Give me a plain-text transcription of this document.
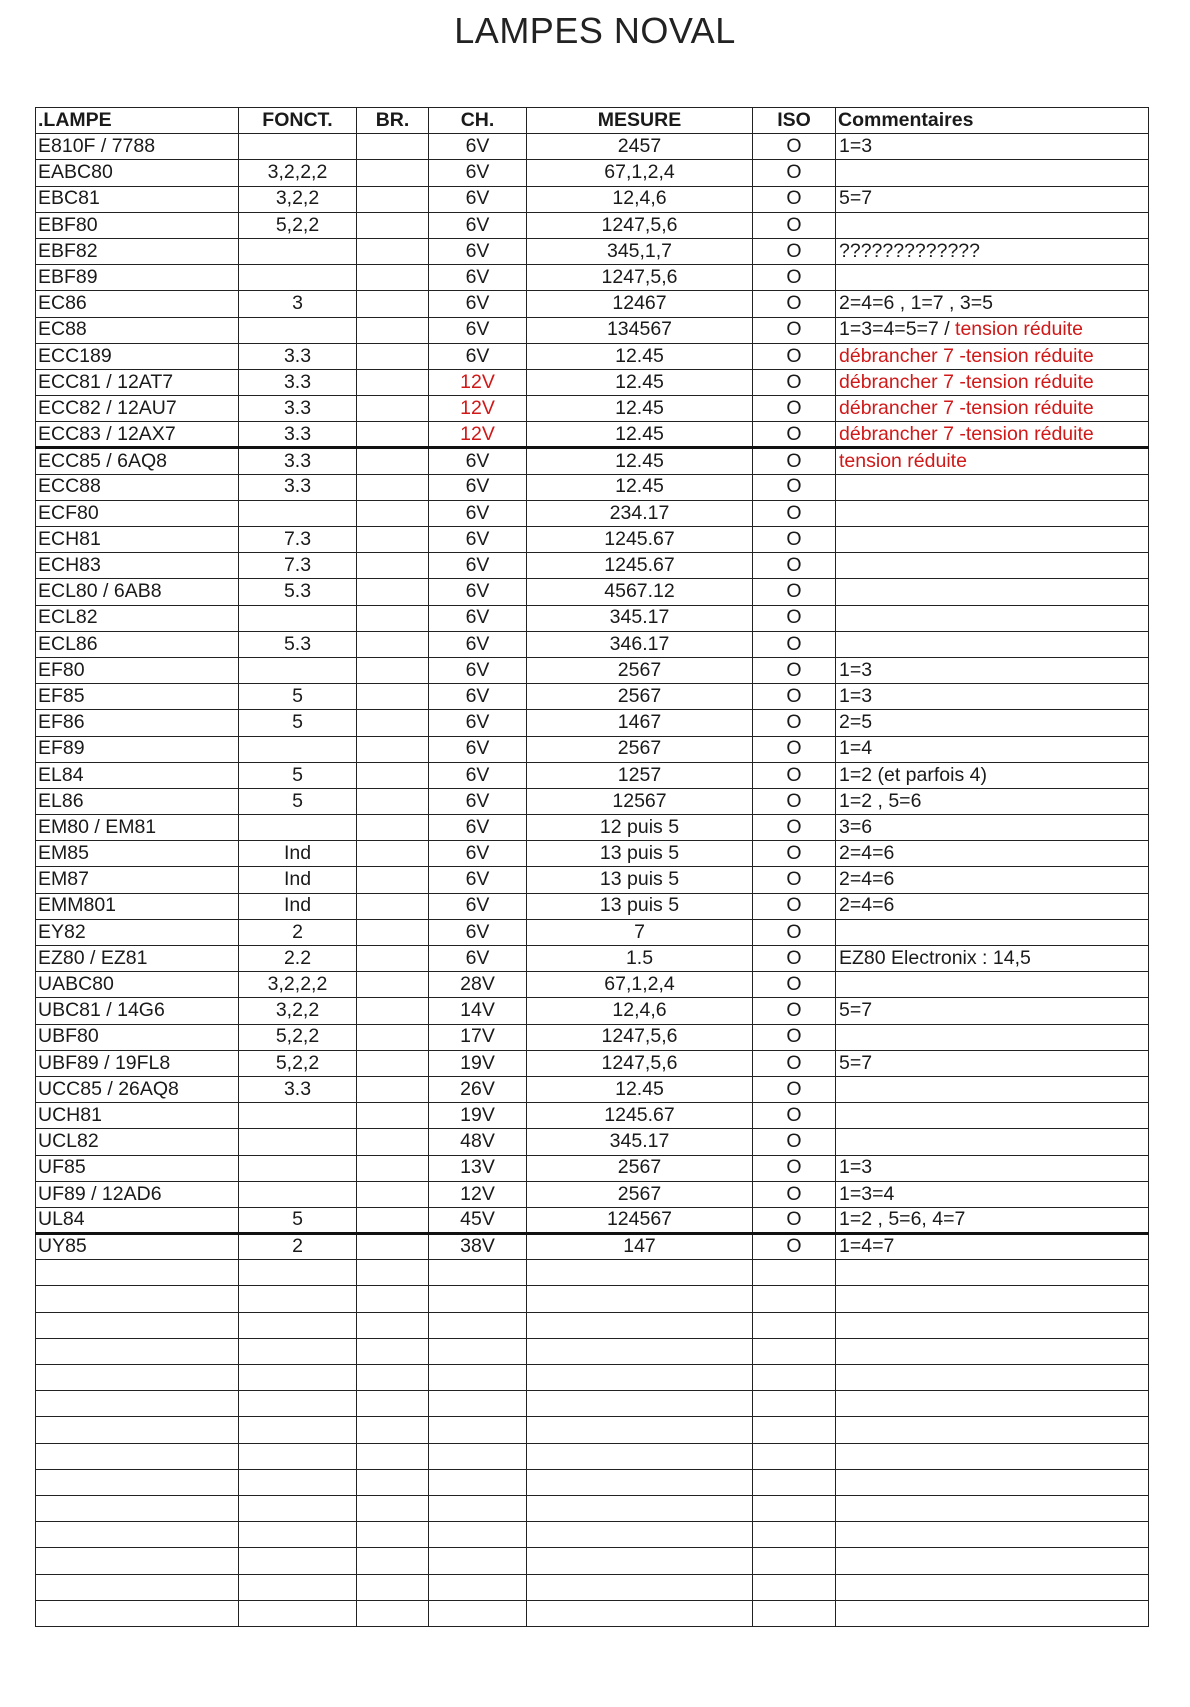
LAMPES NOVAL
.LAMPE	FONCT.	BR.	CH.	MESURE	ISO	Commentaires
E810F / 7788			6V	2457	O	1=3
EABC80	3,2,2,2		6V	67,1,2,4	O	
EBC81	3,2,2		6V	12,4,6	O	5=7
EBF80	5,2,2		6V	1247,5,6	O	
EBF82			6V	345,1,7	O	?????????????
EBF89			6V	1247,5,6	O	
EC86	3		6V	12467	O	2=4=6 , 1=7 , 3=5
EC88			6V	134567	O	1=3=4=5=7 / tension réduite
ECC189	3.3		6V	12.45	O	débrancher 7 -tension réduite
ECC81 / 12AT7	3.3		12V	12.45	O	débrancher 7 -tension réduite
ECC82 / 12AU7	3.3		12V	12.45	O	débrancher 7 -tension réduite
ECC83 / 12AX7	3.3		12V	12.45	O	débrancher 7 -tension réduite
ECC85 / 6AQ8	3.3		6V	12.45	O	tension réduite
ECC88	3.3		6V	12.45	O	
ECF80			6V	234.17	O	
ECH81	7.3		6V	1245.67	O	
ECH83	7.3		6V	1245.67	O	
ECL80 / 6AB8	5.3		6V	4567.12	O	
ECL82			6V	345.17	O	
ECL86	5.3		6V	346.17	O	
EF80			6V	2567	O	1=3
EF85	5		6V	2567	O	1=3
EF86	5		6V	1467	O	2=5
EF89			6V	2567	O	1=4
EL84	5		6V	1257	O	1=2 (et parfois 4)
EL86	5		6V	12567	O	1=2 , 5=6
EM80 / EM81			6V	12 puis 5	O	3=6
EM85	Ind		6V	13 puis 5	O	2=4=6
EM87	Ind		6V	13 puis 5	O	2=4=6
EMM801	Ind		6V	13 puis 5	O	2=4=6
EY82	2		6V	7	O	
EZ80 / EZ81	2.2		6V	1.5	O	EZ80 Electronix : 14,5
UABC80	3,2,2,2		28V	67,1,2,4	O	
UBC81 / 14G6	3,2,2		14V	12,4,6	O	5=7
UBF80	5,2,2		17V	1247,5,6	O	
UBF89 / 19FL8	5,2,2		19V	1247,5,6	O	5=7
UCC85 / 26AQ8	3.3		26V	12.45	O	
UCH81			19V	1245.67	O	
UCL82			48V	345.17	O	
UF85			13V	2567	O	1=3
UF89 / 12AD6			12V	2567	O	1=3=4
UL84	5		45V	124567	O	1=2 , 5=6, 4=7
UY85	2		38V	147	O	1=4=7
